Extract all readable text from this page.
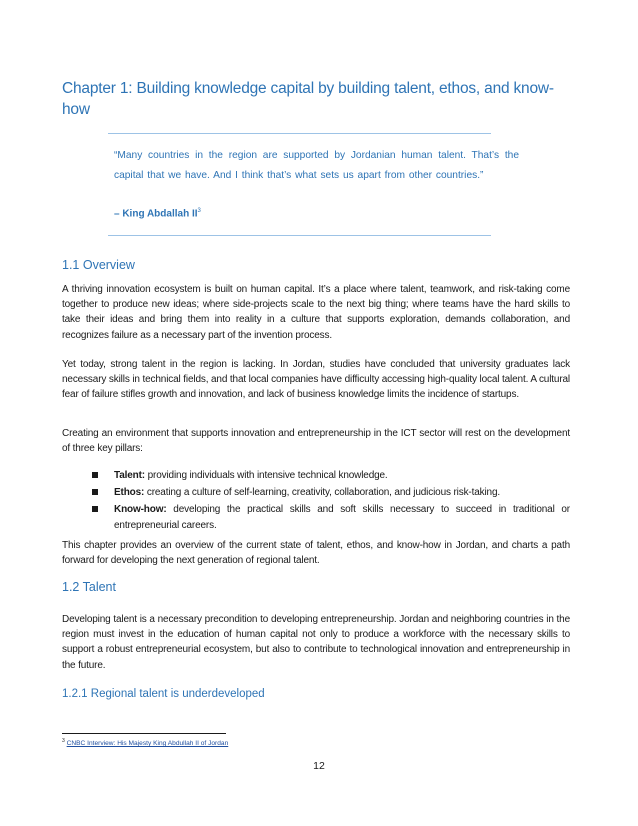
Chapter 1: Building knowledge capital by building talent, ethos, and know-how
“Many countries in the region are supported by Jordanian human talent. That’s the capital that we have. And I think that’s what sets us apart from other countries.”
– King Abdallah $II^3$
1.1 Overview
A thriving innovation ecosystem is built on human capital. It’s a place where talent, teamwork, and risk-taking come together to produce new ideas; where side-projects scale to the next big thing; where teams have the hard skills to take their ideas and bring them into reality in a culture that supports exploration, demands collaboration, and recognizes failure as a necessary part of the invention process.
Yet today, strong talent in the region is lacking. In Jordan, studies have concluded that university graduates lack necessary skills in technical fields, and that local companies have difficulty accessing high-quality local talent. A cultural fear of failure stifles growth and innovation, and lack of business knowledge limits the incidence of startups.
Creating an environment that supports innovation and entrepreneurship in the ICT sector will rest on the development of three key pillars:
Talent: providing individuals with intensive technical knowledge.
Ethos: creating a culture of self-learning, creativity, collaboration, and judicious risk-taking.
Know-how: developing the practical skills and soft skills necessary to succeed in traditional or entrepreneurial careers.
This chapter provides an overview of the current state of talent, ethos, and know-how in Jordan, and charts a path forward for developing the next generation of regional talent.
1.2 Talent
Developing talent is a necessary precondition to developing entrepreneurship. Jordan and neighboring countries in the region must invest in the education of human capital not only to produce a workforce with the necessary skills to support a robust entrepreneurial ecosystem, but also to contribute to technological innovation and entrepreneurship in the future.
1.2.1 Regional talent is underdeveloped
$^3$ CNBC Interview: His Majesty King Abdullah II of Jordan
12
